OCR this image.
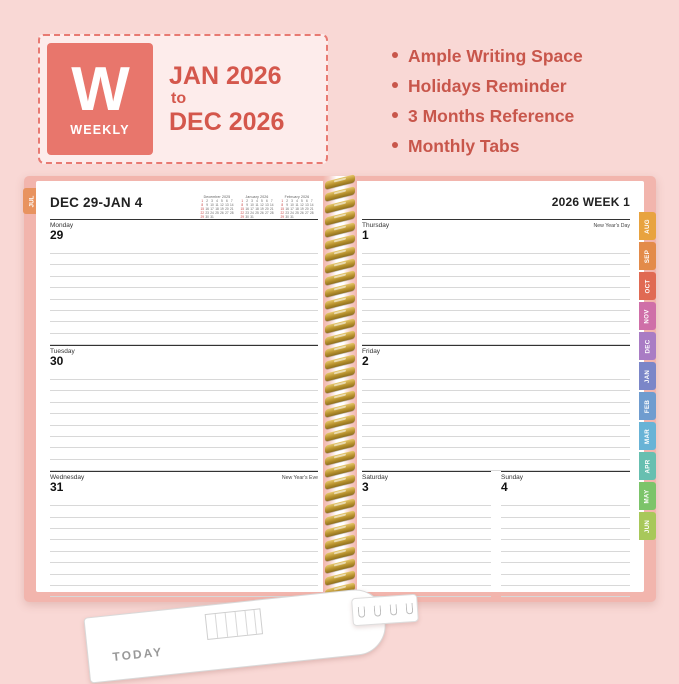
W
WEEKLY
JAN 2026
to
DEC 2026
Ample Writing Space
Holidays Reminder
3 Months Reference
Monthly Tabs
JUL DEC 29-JAN 4	December 2025
1 2 3 4 5 6 7
8 9 10 11 12 13 14
15 16 17 18 19 20 21
22 23 24 25 26 27 28
29 30 31
January 2026
1 2 3 4 5 6 7
8 9 10 11 12 13 14
15 16 17 18 19 20 21
22 23 24 25 26 27 28
29 30 31
February 2026
1 2 3 4 5 6 7
8 9 10 11 12 13 14
15 16 17 18 19 20 21
22 23 24 25 26 27 28
29 30 31
Monday
29
Tuesday
30
Wednesday
31
New Year's Eve
2026 WEEK 1
Thursday
1
New Year's Day
Friday
2
Saturday
3
Sunday
4
AUG
SEP
OCT
NOV
DEC
JAN
FEB
MAR
APR
MAY
JUN
TODAY
